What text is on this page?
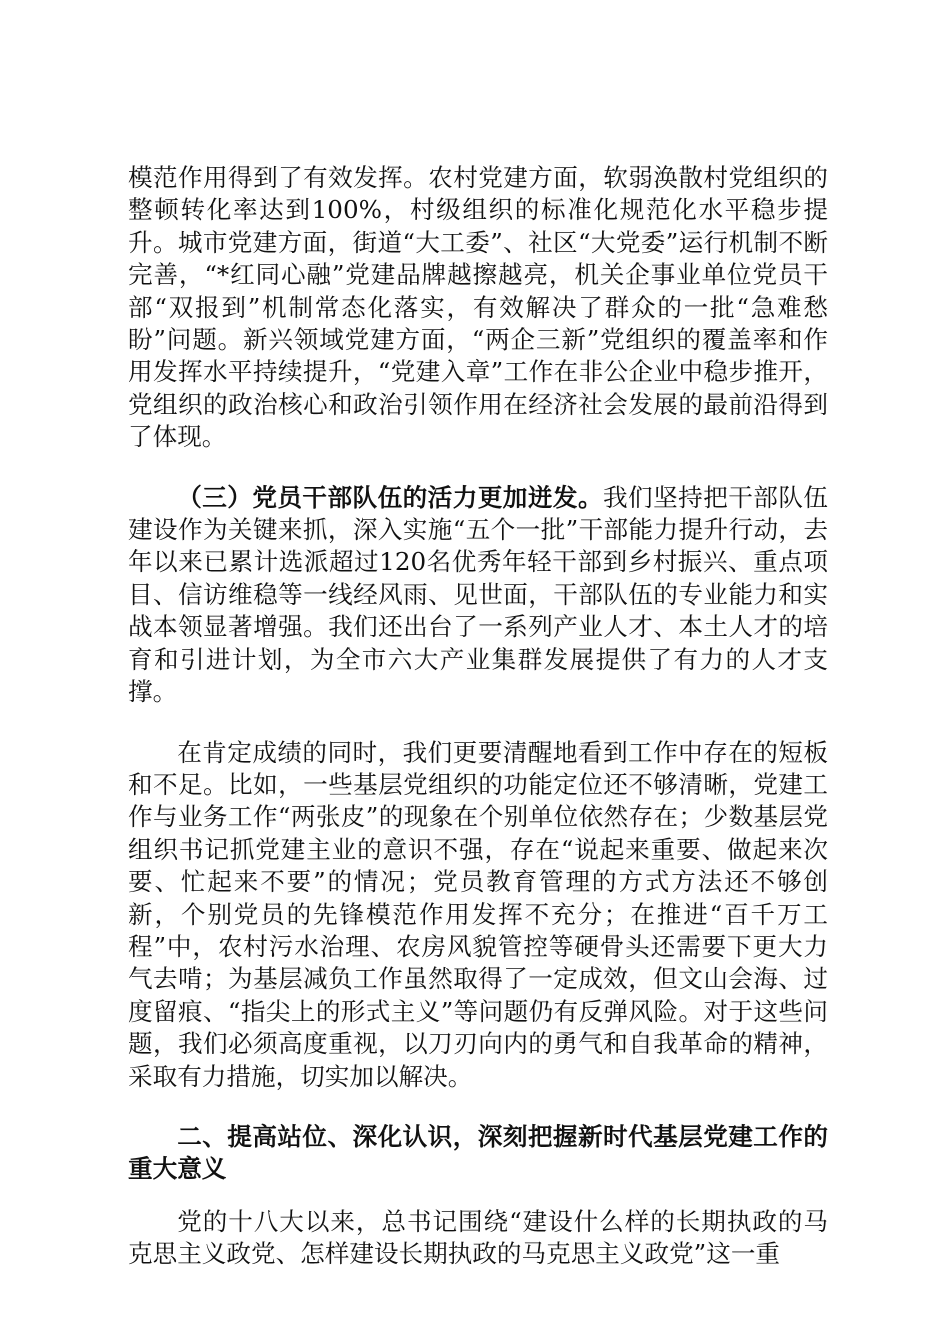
模范作用得到了有效发挥。农村党建方面，软弱涣散村党组织的整顿转化率达到100%，村级组织的标准化规范化水平稳步提升。城市党建方面，街道“大工委”、社区“大党委”运行机制不断完善，“*红同心融”党建品牌越擦越亮，机关企事业单位党员干部“双报到”机制常态化落实，有效解决了群众的一批“急难愁盼”问题。新兴领域党建方面，“两企三新”党组织的覆盖率和作用发挥水平持续提升，“党建入章”工作在非公企业中稳步推开，党组织的政治核心和政治引领作用在经济社会发展的最前沿得到了体现。

（三）党员干部队伍的活力更加迸发。我们坚持把干部队伍建设作为关键来抓，深入实施“五个一批”干部能力提升行动，去年以来已累计选派超过120名优秀年轻干部到乡村振兴、重点项目、信访维稳等一线经风雨、见世面，干部队伍的专业能力和实战本领显著增强。我们还出台了一系列产业人才、本土人才的培育和引进计划，为全市六大产业集群发展提供了有力的人才支撑。

在肯定成绩的同时，我们更要清醒地看到工作中存在的短板和不足。比如，一些基层党组织的功能定位还不够清晰，党建工作与业务工作“两张皮”的现象在个别单位依然存在；少数基层党组织书记抓党建主业的意识不强，存在“说起来重要、做起来次要、忙起来不要”的情况；党员教育管理的方式方法还不够创新，个别党员的先锋模范作用发挥不充分；在推进“百千万工程”中，农村污水治理、农房风貌管控等硬骨头还需要下更大力气去啃；为基层减负工作虽然取得了一定成效，但文山会海、过度留痕、“指尖上的形式主义”等问题仍有反弹风险。对于这些问题，我们必须高度重视，以刀刃向内的勇气和自我革命的精神，采取有力措施，切实加以解决。

二、提高站位、深化认识，深刻把握新时代基层党建工作的重大意义

党的十八大以来，总书记围绕“建设什么样的长期执政的马克思主义政党、怎样建设长期执政的马克思主义政党”这一重
